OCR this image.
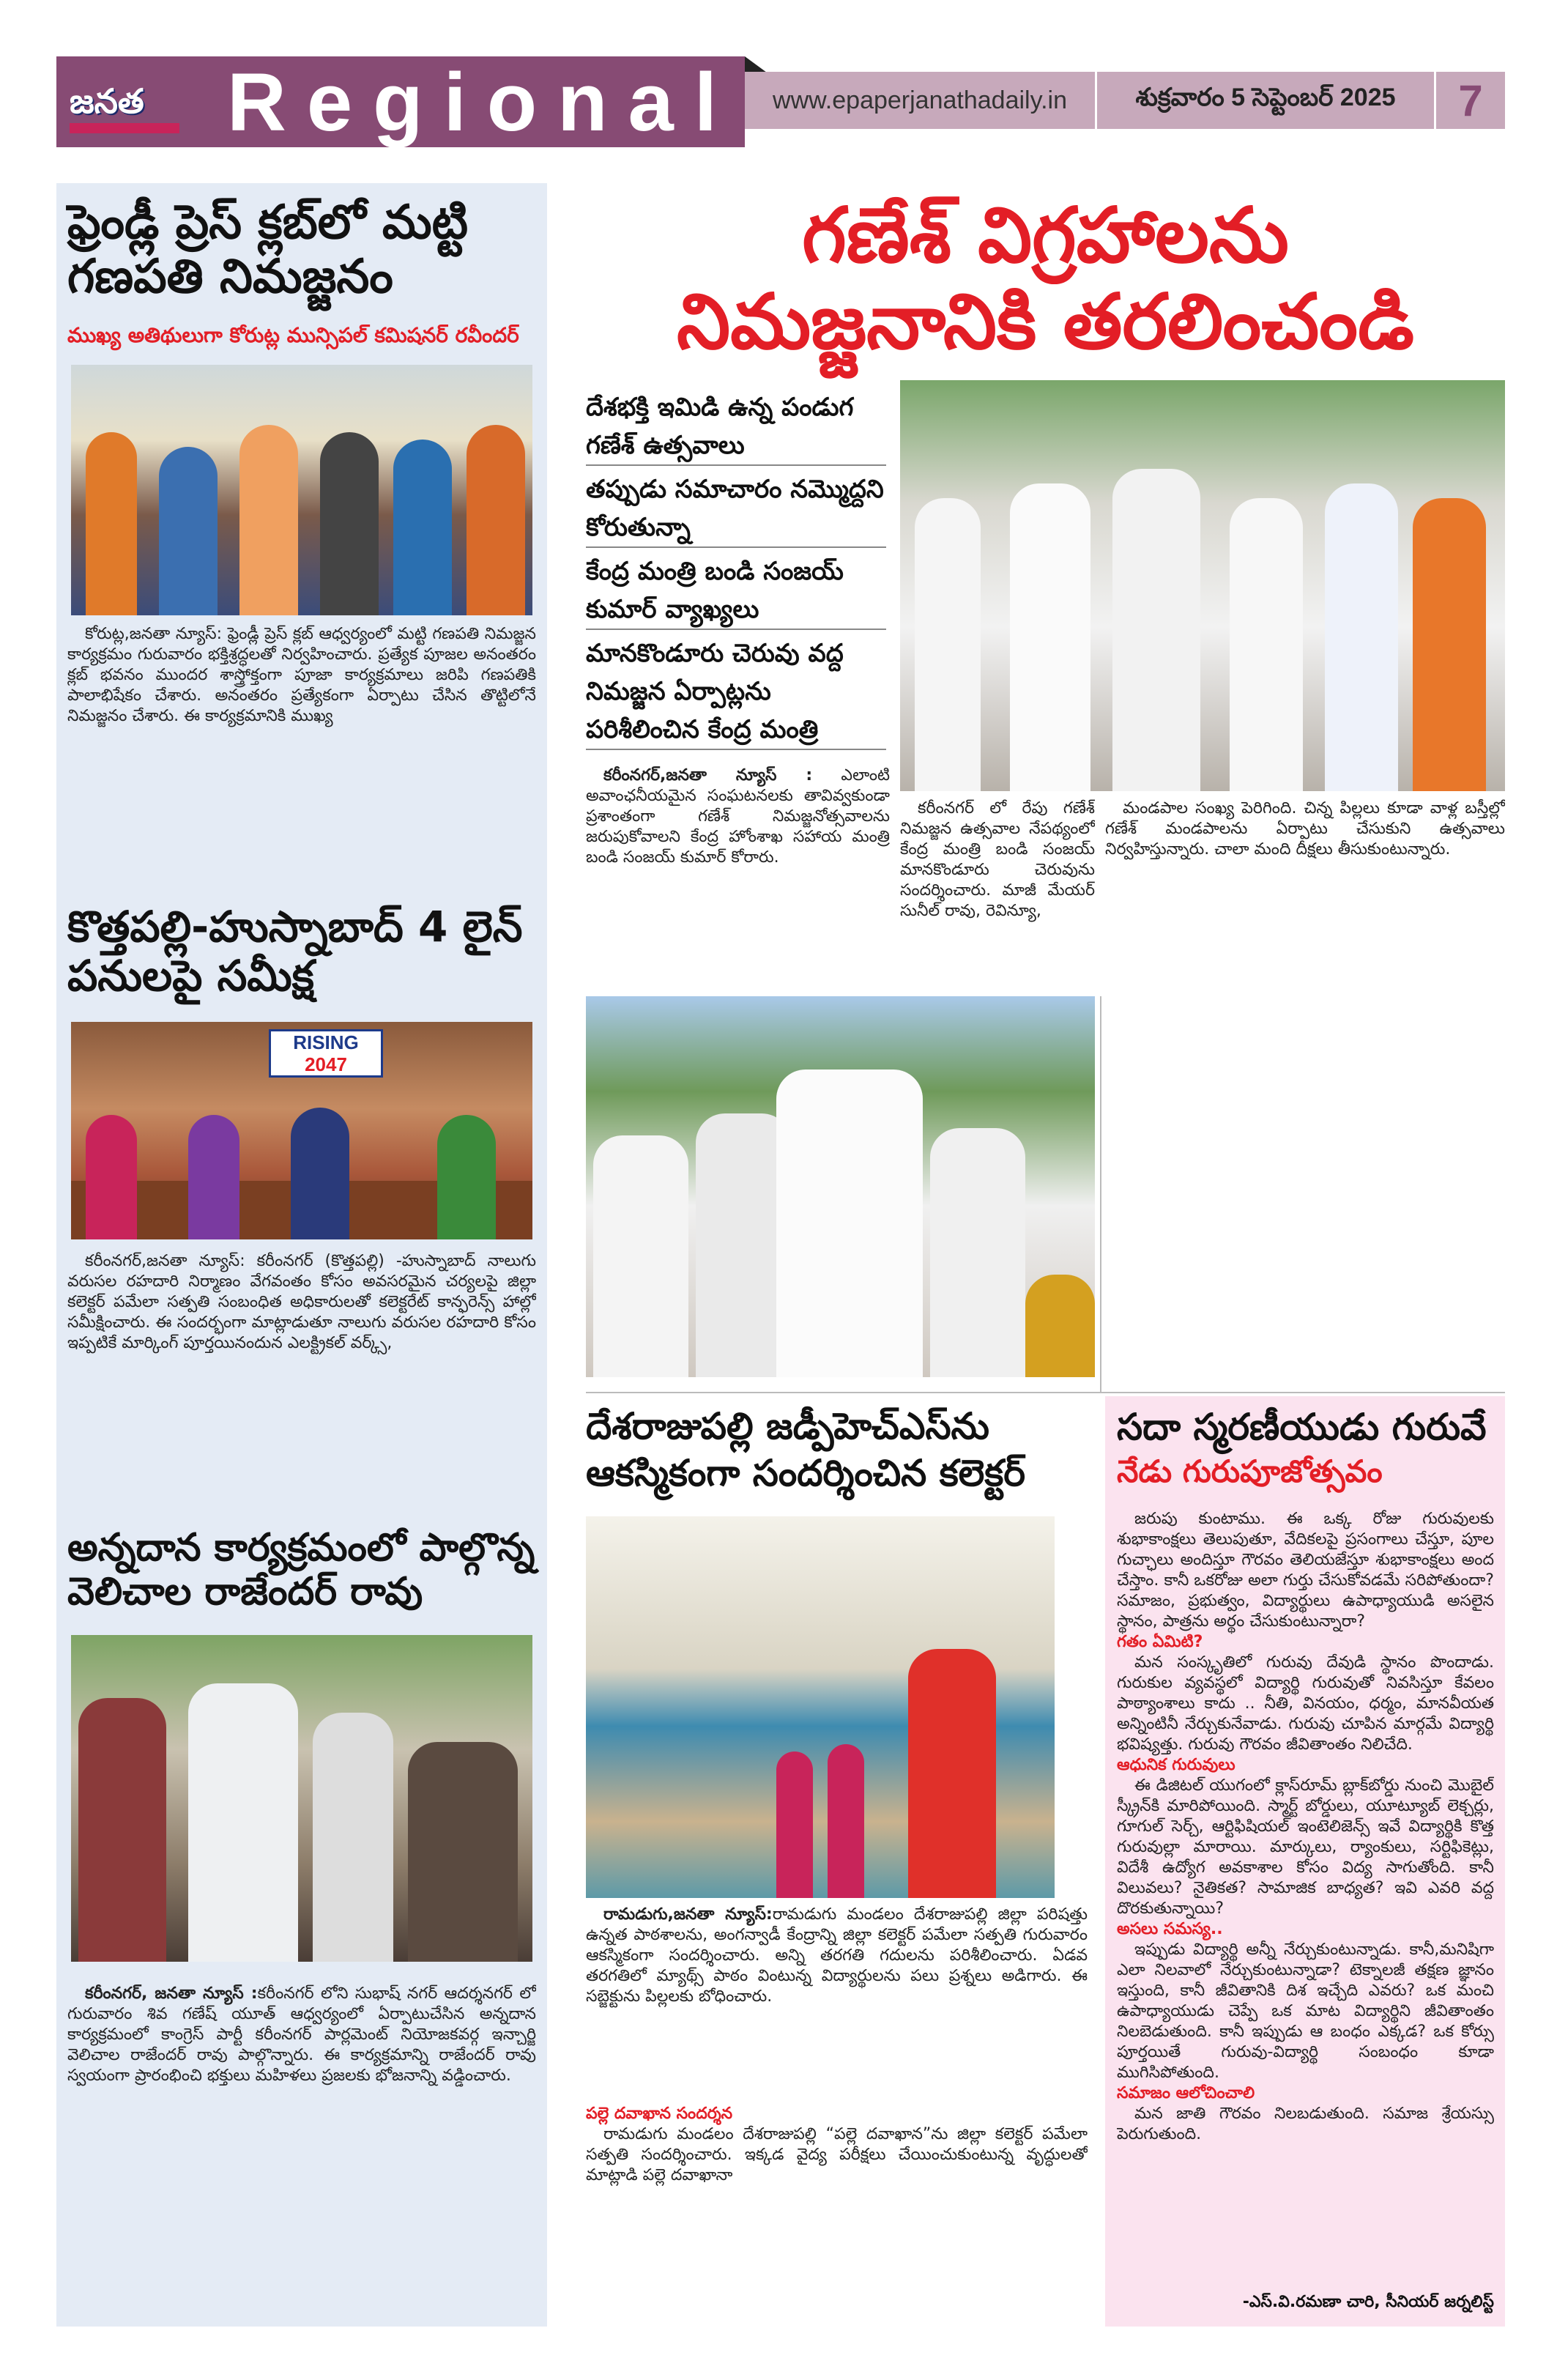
జనత	Regional	www.epaperjanathadaily.in	శుక్రవారం 5 సెప్టెంబర్ 2025	7
ఫ్రెండ్లీ ప్రెస్ క్లబ్‌లో మట్టి గణపతి నిమజ్జనం
ముఖ్య అతిథులుగా కోరుట్ల మున్సిపల్ కమిషనర్ రవీందర్

కోరుట్ల,జనతా న్యూస్: ఫ్రెండ్లీ ప్రెస్ క్లబ్ ఆధ్వర్యంలో మట్టి గణపతి నిమజ్జన కార్యక్రమం గురువారం భక్తిశ్రద్ధలతో నిర్వహించారు. ప్రత్యేక పూజల అనంతరం క్లబ్ భవనం ముందర శాస్త్రోక్తంగా పూజా కార్యక్రమాలు జరిపి గణపతికి పాలాభిషేకం చేశారు. అనంతరం ప్రత్యేకంగా ఏర్పాటు చేసిన తొట్టిలోనే నిమజ్జనం చేశారు. ఈ కార్యక్రమానికి ముఖ్య

కొత్తపల్లి-హుస్నాబాద్ 4 లైన్ పనులపై సమీక్ష
RISING
2047

కరీంనగర్,జనతా న్యూస్: కరీంనగర్ (కొత్తపల్లి) -హుస్నాబాద్ నాలుగు వరుసల రహదారి నిర్మాణం వేగవంతం కోసం అవసరమైన చర్యలపై జిల్లా కలెక్టర్ పమేలా సత్పతి సంబంధిత అధికారులతో కలెక్టరేట్ కాన్ఫరెన్స్ హాల్లో సమీక్షించారు. ఈ సందర్భంగా మాట్లాడుతూ నాలుగు వరుసల రహదారి కోసం ఇప్పటికే మార్కింగ్ పూర్తయినందున ఎలక్ట్రికల్ వర్క్స్,

అన్నదాన కార్యక్రమంలో పాల్గొన్న వెలిచాల రాజేందర్ రావు

కరీంనగర్, జనతా న్యూస్ :కరీంనగర్ లోని సుభాష్ నగర్ ఆదర్శనగర్ లో గురువారం శివ గణేష్ యూత్ ఆధ్వర్యంలో ఏర్పాటుచేసిన అన్నదాన కార్యక్రమంలో కాంగ్రెస్ పార్టీ కరీంనగర్ పార్లమెంట్ నియోజకవర్గ ఇన్చార్జి వెలిచాల రాజేందర్ రావు పాల్గొన్నారు. ఈ కార్యక్రమాన్ని రాజేందర్ రావు స్వయంగా ప్రారంభించి భక్తులు మహిళలు ప్రజలకు భోజనాన్ని వడ్డించారు.

గణేశ్ విగ్రహాలను
నిమజ్జనానికి తరలించండి
దేశభక్తి ఇమిడి ఉన్న పండుగ గణేశ్ ఉత్సవాలు
తప్పుడు సమాచారం నమ్మొద్దని కోరుతున్నా
కేంద్ర మంత్రి బండి సంజయ్ కుమార్ వ్యాఖ్యలు
మానకొండూరు చెరువు వద్ద నిమజ్జన ఏర్పాట్లను పరిశీలించిన కేంద్ర మంత్రి

కరీంనగర్,జనతా న్యూస్ : ఎలాంటి అవాంఛనీయమైన సంఘటనలకు తావివ్వకుండా ప్రశాంతంగా గణేశ్ నిమజ్జనోత్సవాలను జరుపుకోవాలని కేంద్ర హోంశాఖ సహాయ మంత్రి బండి సంజయ్ కుమార్ కోరారు.

కరీంనగర్ లో రేపు గణేశ్ నిమజ్జన ఉత్సవాల నేపథ్యంలో కేంద్ర మంత్రి బండి సంజయ్ మానకొండూరు చెరువును సందర్శించారు. మాజీ మేయర్ సునీల్ రావు, రెవిన్యూ,

మండపాల సంఖ్య పెరిగింది. చిన్న పిల్లలు కూడా వాళ్ల బస్తీల్లో గణేశ్ మండపాలను ఏర్పాటు చేసుకుని ఉత్సవాలు నిర్వహిస్తున్నారు. చాలా మంది దీక్షలు తీసుకుంటున్నారు.

దేశరాజుపల్లి జడ్పీహెచ్ఎస్‌ను ఆకస్మికంగా సందర్శించిన కలెక్టర్

రామడుగు,జనతా న్యూస్:రామడుగు మండలం దేశరాజుపల్లి జిల్లా పరిషత్తు ఉన్నత పాఠశాలను, అంగన్వాడీ కేంద్రాన్ని జిల్లా కలెక్టర్ పమేలా సత్పతి గురువారం ఆకస్మికంగా సందర్శించారు. అన్ని తరగతి గదులను పరిశీలించారు. ఏడవ తరగతిలో మ్యాథ్స్ పాఠం వింటున్న విద్యార్థులను పలు ప్రశ్నలు అడిగారు. ఈ సబ్జెక్టును పిల్లలకు బోధించారు.

పల్లె దవాఖాన సందర్శన

రామడుగు మండలం దేశరాజుపల్లి “పల్లె దవాఖాన”ను జిల్లా కలెక్టర్ పమేలా సత్పతి సందర్శించారు. ఇక్కడ వైద్య పరీక్షలు చేయించుకుంటున్న వృద్ధులతో మాట్లాడి పల్లె దవాఖానా

సదా స్మరణీయుడు గురువే
నేడు గురుపూజోత్సవం

జరుపు కుంటాము. ఈ ఒక్క రోజు గురువులకు శుభాకాంక్షలు తెలుపుతూ, వేదికలపై ప్రసంగాలు చేస్తూ, పూల గుచ్ఛాలు అందిస్తూ గౌరవం తెలియజేస్తూ శుభాకాంక్షలు అంద చేస్తాం. కానీ ఒకరోజు అలా గుర్తు చేసుకోవడమే సరిపోతుందా? సమాజం, ప్రభుత్వం, విద్యార్థులు ఉపాధ్యాయుడి అసలైన స్థానం, పాత్రను అర్థం చేసుకుంటున్నారా?

గతం ఏమిటి?

మన సంస్కృతిలో గురువు దేవుడి స్థానం పొందాడు. గురుకుల వ్యవస్థలో విద్యార్థి గురువుతో నివసిస్తూ కేవలం పాఠ్యాంశాలు కాదు .. నీతి, వినయం, ధర్మం, మానవీయత అన్నింటినీ నేర్చుకునేవాడు. గురువు చూపిన మార్గమే విద్యార్థి భవిష్యత్తు. గురువు గౌరవం జీవితాంతం నిలిచేది.

ఆధునిక గురువులు

ఈ డిజిటల్ యుగంలో క్లాస్‌రూమ్ బ్లాక్‌బోర్డు నుంచి మొబైల్ స్క్రీన్‌కి మారిపోయింది. స్మార్ట్ బోర్డులు, యూట్యూబ్ లెక్చర్లు, గూగుల్ సెర్చ్, ఆర్టిఫిషియల్ ఇంటెలిజెన్స్ ఇవే విద్యార్థికి కొత్త గురువుల్లా మారాయి. మార్కులు, ర్యాంకులు, సర్టిఫికెట్లు, విదేశీ ఉద్యోగ అవకాశాల కోసం విద్య సాగుతోంది. కానీ విలువలు? నైతికత? సామాజిక బాధ్యత? ఇవి ఎవరి వద్ద దొరకుతున్నాయి?

అసలు సమస్య..

ఇప్పుడు విద్యార్థి అన్నీ నేర్చుకుంటున్నాడు. కానీ,మనిషిగా ఎలా నిలవాలో నేర్చుకుంటున్నాడా? టెక్నాలజీ తక్షణ జ్ఞానం ఇస్తుంది, కానీ జీవితానికి దిశ ఇచ్చేది ఎవరు? ఒక మంచి ఉపాధ్యాయుడు చెప్పే ఒక మాట విద్యార్థిని జీవితాంతం నిలబెడుతుంది. కానీ ఇప్పుడు ఆ బంధం ఎక్కడ? ఒక కోర్సు పూర్తయితే గురువు-విద్యార్థి సంబంధం కూడా ముగిసిపోతుంది.

సమాజం ఆలోచించాలి

మన జాతి గౌరవం నిలబడుతుంది. సమాజ శ్రేయస్సు పెరుగుతుంది.

-ఎస్.వి.రమణా చారి, సీనియర్ జర్నలిస్ట్
